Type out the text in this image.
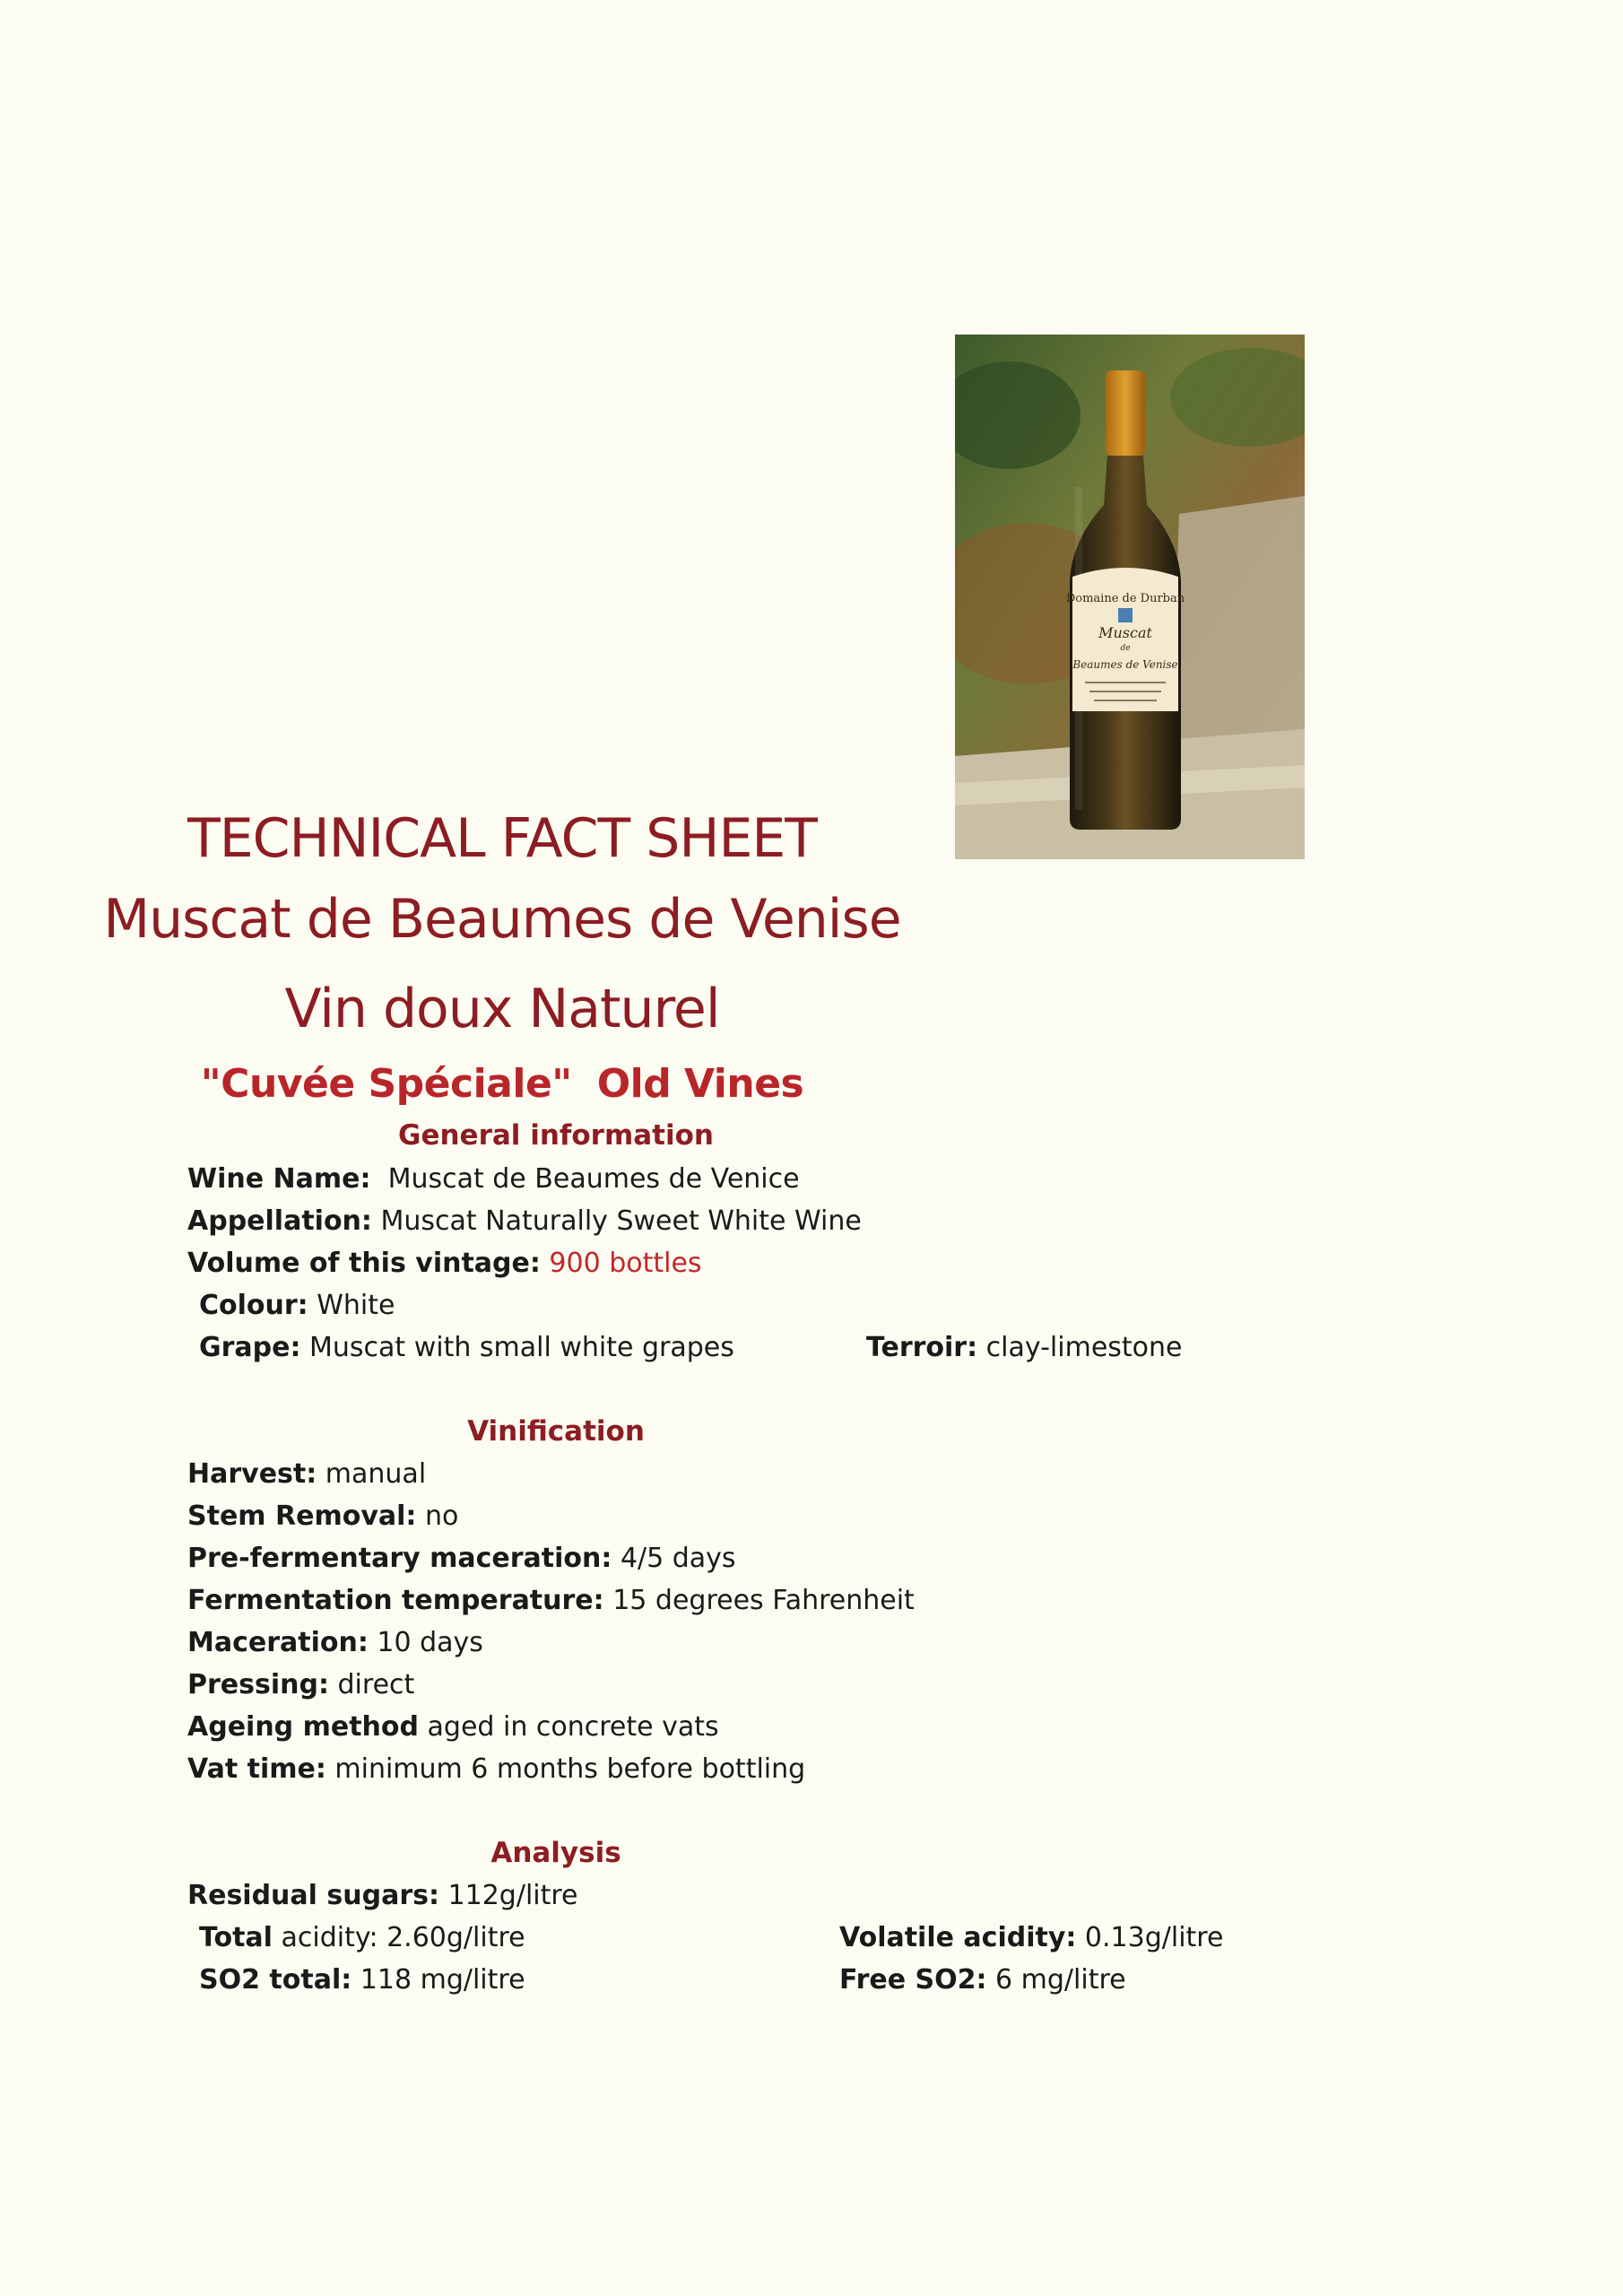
Domaine de Durban
Muscat
de
Beaumes de Venise
TECHNICAL FACT SHEET
Muscat de Beaumes de Venise
Vin doux Naturel
"Cuvée Spéciale" Old Vines
General information
Wine Name: Muscat de Beaumes de Venice
Appellation: Muscat Naturally Sweet White Wine
Volume of this vintage: 900 bottles
Colour: White
Grape: Muscat with small white grapes	Terroir: clay-limestone
Vinification
Harvest: manual
Stem Removal: no
Pre-fermentary maceration: 4/5 days
Fermentation temperature: 15 degrees Fahrenheit
Maceration: 10 days
Pressing: direct
Ageing method aged in concrete vats
Vat time: minimum 6 months before bottling
Analysis
Residual sugars: 112g/litre
Total acidity: 2.60g/litre	Volatile acidity: 0.13g/litre
SO2 total: 118 mg/litre	Free SO2: 6 mg/litre
